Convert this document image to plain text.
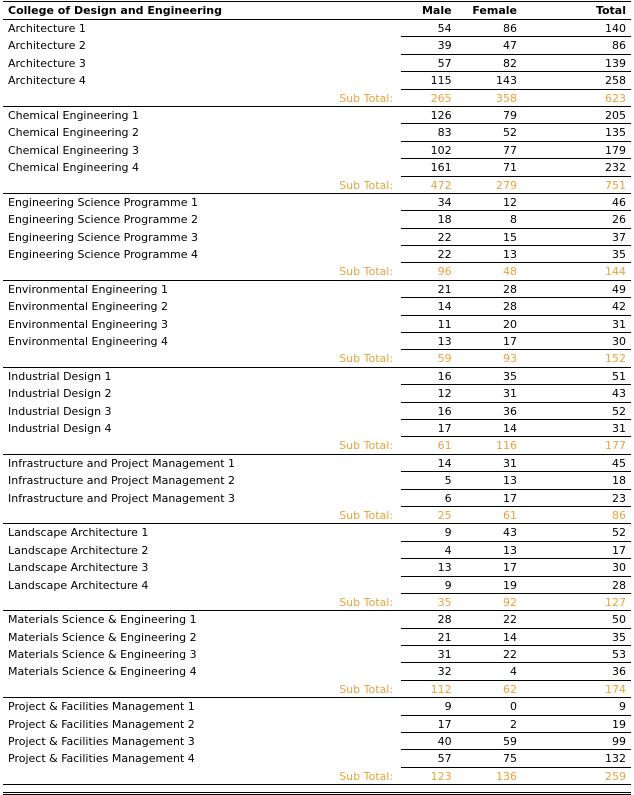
College of Design and Engineering	Male	Female	Total
Architecture 1	54	86	140
Architecture 2	39	47	86
Architecture 3	57	82	139
Architecture 4	115	143	258
Sub Total:	265	358	623
Chemical Engineering 1	126	79	205
Chemical Engineering 2	83	52	135
Chemical Engineering 3	102	77	179
Chemical Engineering 4	161	71	232
Sub Total:	472	279	751
Engineering Science Programme 1	34	12	46
Engineering Science Programme 2	18	8	26
Engineering Science Programme 3	22	15	37
Engineering Science Programme 4	22	13	35
Sub Total:	96	48	144
Environmental Engineering 1	21	28	49
Environmental Engineering 2	14	28	42
Environmental Engineering 3	11	20	31
Environmental Engineering 4	13	17	30
Sub Total:	59	93	152
Industrial Design 1	16	35	51
Industrial Design 2	12	31	43
Industrial Design 3	16	36	52
Industrial Design 4	17	14	31
Sub Total:	61	116	177
Infrastructure and Project Management 1	14	31	45
Infrastructure and Project Management 2	5	13	18
Infrastructure and Project Management 3	6	17	23
Sub Total:	25	61	86
Landscape Architecture 1	9	43	52
Landscape Architecture 2	4	13	17
Landscape Architecture 3	13	17	30
Landscape Architecture 4	9	19	28
Sub Total:	35	92	127
Materials Science & Engineering 1	28	22	50
Materials Science & Engineering 2	21	14	35
Materials Science & Engineering 3	31	22	53
Materials Science & Engineering 4	32	4	36
Sub Total:	112	62	174
Project & Facilities Management 1	9	0	9
Project & Facilities Management 2	17	2	19
Project & Facilities Management 3	40	59	99
Project & Facilities Management 4	57	75	132
Sub Total:	123	136	259
